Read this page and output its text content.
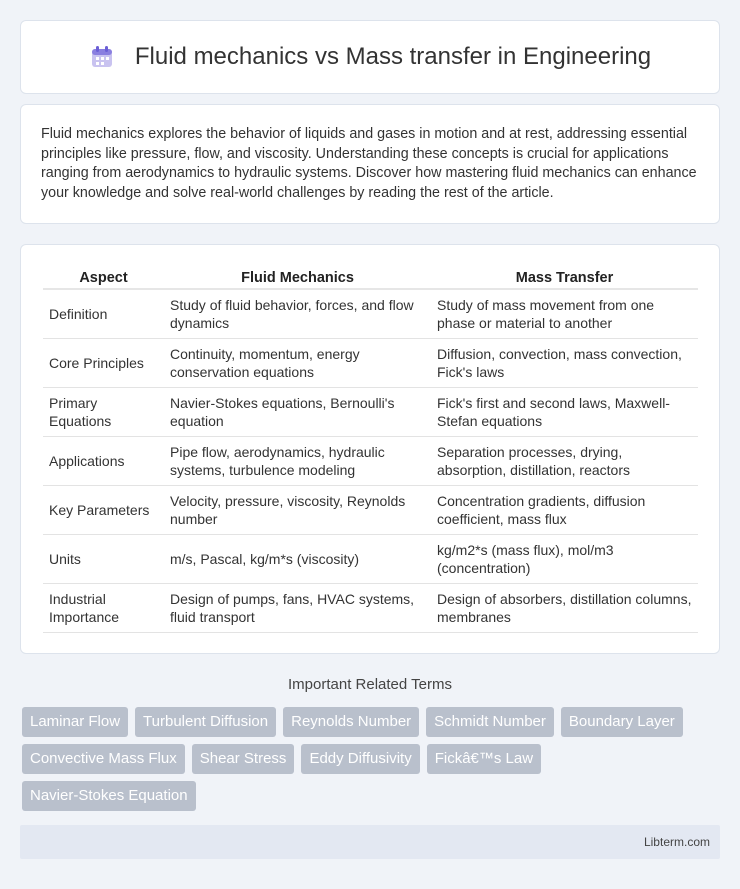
Fluid mechanics vs Mass transfer in Engineering

Fluid mechanics explores the behavior of liquids and gases in motion and at rest, addressing essential principles like pressure, flow, and viscosity. Understanding these concepts is crucial for applications ranging from aerodynamics to hydraulic systems. Discover how mastering fluid mechanics can enhance your knowledge and solve real-world challenges by reading the rest of the article.

Aspect	Fluid Mechanics	Mass Transfer
Definition	Study of fluid behavior, forces, and flow dynamics	Study of mass movement from one phase or material to another
Core Principles	Continuity, momentum, energy conservation equations	Diffusion, convection, mass convection, Fick's laws
Primary Equations	Navier-Stokes equations, Bernoulli's equation	Fick's first and second laws, Maxwell-Stefan equations
Applications	Pipe flow, aerodynamics, hydraulic systems, turbulence modeling	Separation processes, drying, absorption, distillation, reactors
Key Parameters	Velocity, pressure, viscosity, Reynolds number	Concentration gradients, diffusion coefficient, mass flux
Units	m/s, Pascal, kg/m*s (viscosity)	kg/m2*s (mass flux), mol/m3 (concentration)
Industrial Importance	Design of pumps, fans, HVAC systems, fluid transport	Design of absorbers, distillation columns, membranes
Important Related Terms
Laminar Flow	Turbulent Diffusion	Reynolds Number	Schmidt Number	Boundary Layer
Convective Mass Flux	Shear Stress	Eddy Diffusivity	Fickâ€™s Law
Navier-Stokes Equation
Libterm.com
